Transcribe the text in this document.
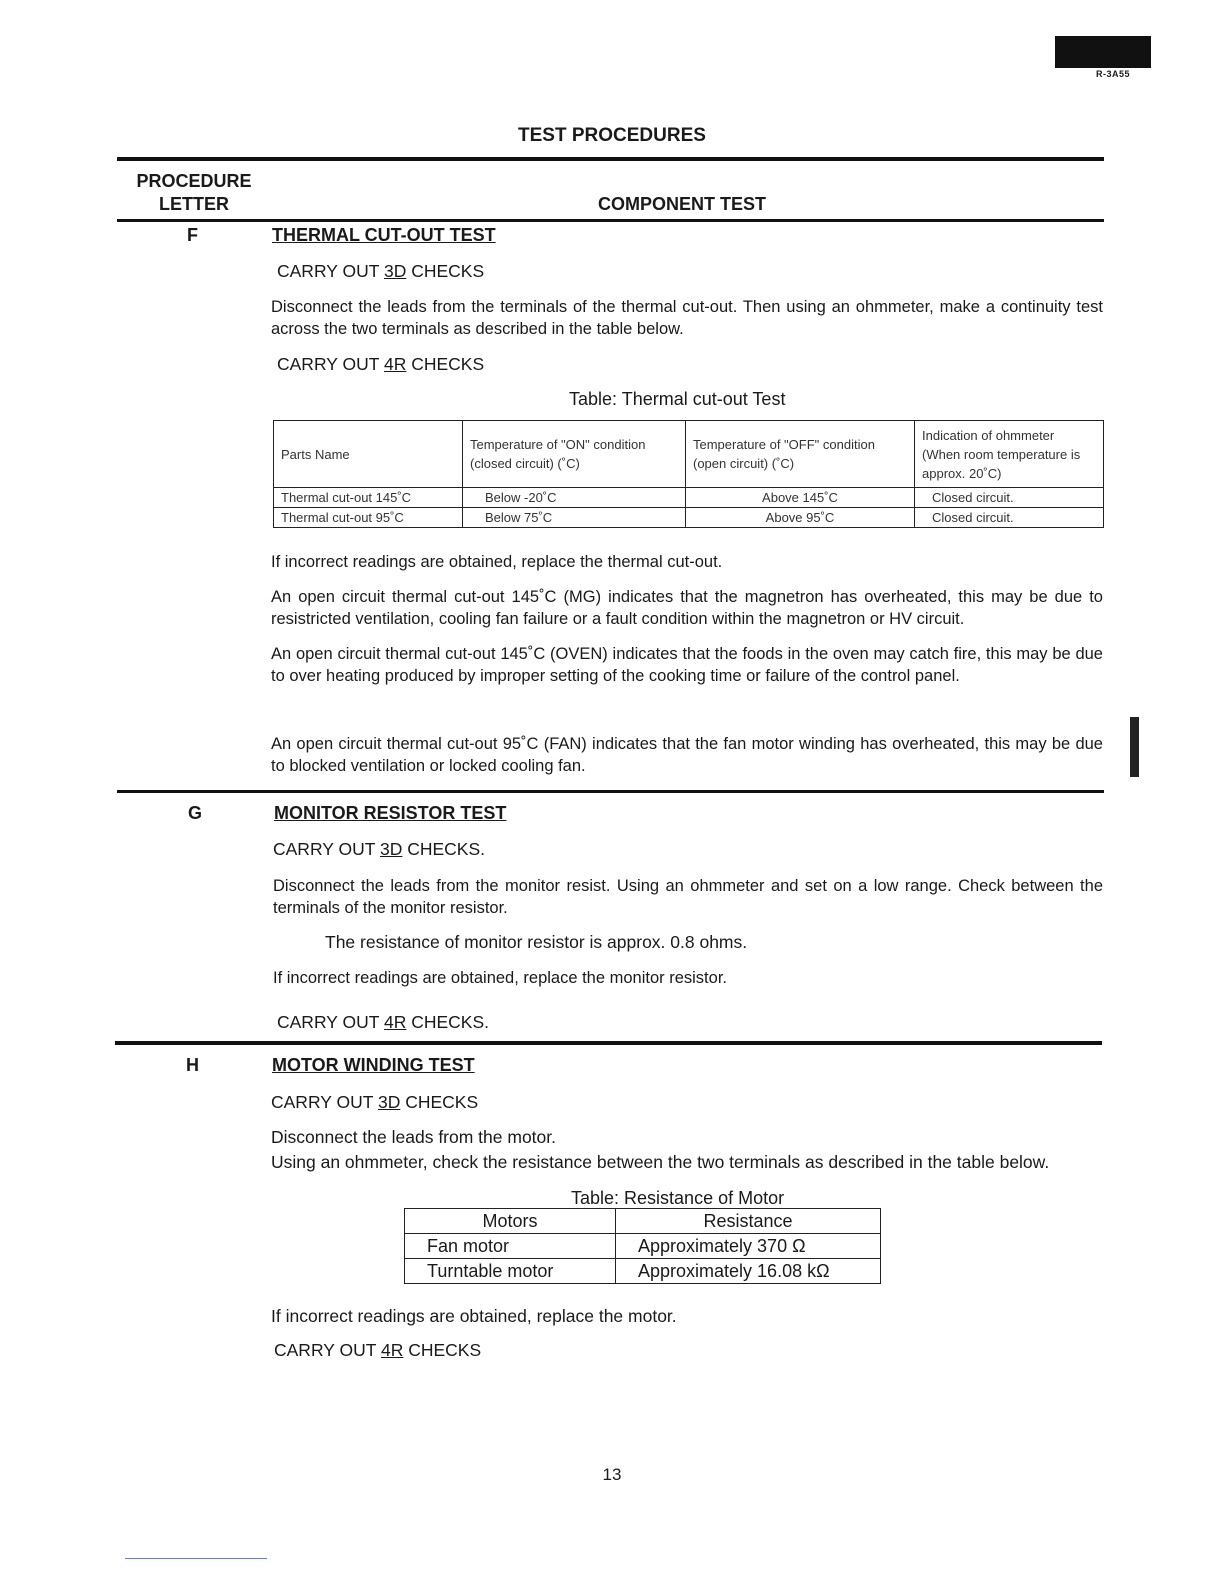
R-3A55
TEST PROCEDURES
PROCEDURE
LETTER	COMPONENT TEST
F	THERMAL CUT-OUT TEST
CARRY OUT 3D CHECKS
Disconnect the leads from the terminals of the thermal cut-out. Then using an ohmmeter, make a continuity test across the two terminals as described in the table below.
CARRY OUT 4R CHECKS
Table: Thermal cut-out Test
Parts Name	Temperature of "ON" condition (closed circuit) (˚C)	Temperature of "OFF" condition (open circuit) (˚C)	Indication of ohmmeter (When room temperature is approx. 20˚C)
Thermal cut-out 145˚C	Below -20˚C	Above 145˚C	Closed circuit.
Thermal cut-out 95˚C	Below 75˚C	Above 95˚C	Closed circuit.
If incorrect readings are obtained, replace the thermal cut-out.
An open circuit thermal cut-out 145˚C (MG) indicates that the magnetron has overheated, this may be due to resistricted ventilation, cooling fan failure or a fault condition within the magnetron or HV circuit.
An open circuit thermal cut-out 145˚C (OVEN) indicates that the foods in the oven may catch fire, this may be due to over heating produced by improper setting of the cooking time or failure of the control panel.
An open circuit thermal cut-out 95˚C (FAN) indicates that the fan motor winding has overheated, this may be due to blocked ventilation or locked cooling fan.
G	MONITOR RESISTOR TEST
CARRY OUT 3D CHECKS.
Disconnect the leads from the monitor resist. Using an ohmmeter and set on a low range. Check between the terminals of the monitor resistor.
The resistance of monitor resistor is approx. 0.8 ohms.
If incorrect readings are obtained, replace the monitor resistor.
CARRY OUT 4R CHECKS.
H	MOTOR WINDING TEST
CARRY OUT 3D CHECKS
Disconnect the leads from the motor.
Using an ohmmeter, check the resistance between the two terminals as described in the table below.
Table: Resistance of Motor
Motors	Resistance
Fan motor	Approximately 370 Ω
Turntable motor	Approximately 16.08 kΩ
If incorrect readings are obtained, replace the motor.
CARRY OUT 4R CHECKS
13
